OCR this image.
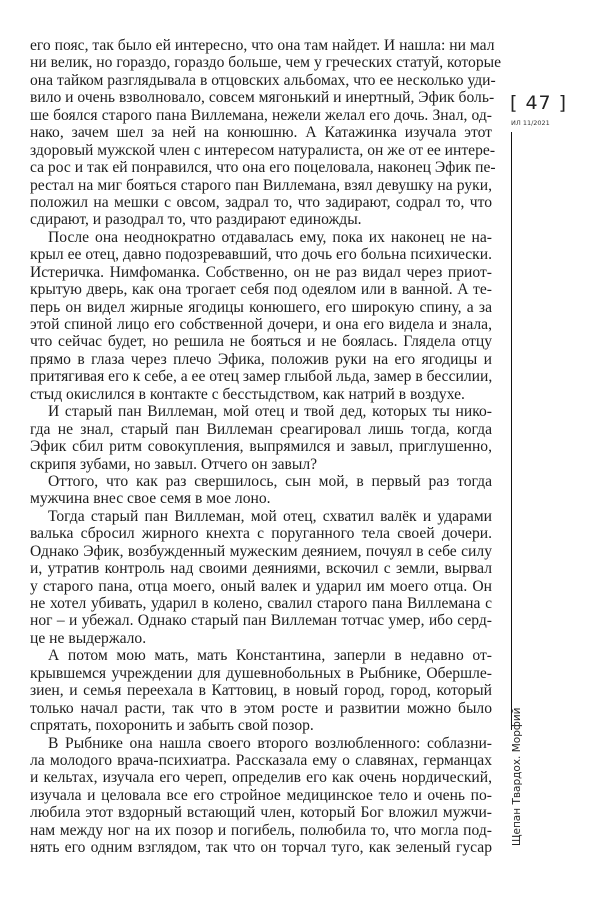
его пояс, так было ей интересно, что она там найдет. И нашла: ни мал
ни велик, но гораздо, гораздо больше, чем у греческих статуй, которые
она тайком разглядывала в отцовских альбомах, что ее несколько уди-
вило и очень взволновало, совсем мягонький и инертный, Эфик боль-
ше боялся старого пана Виллемана, нежели желал его дочь. Знал, од-
нако, зачем шел за ней на конюшню. А Катажинка изучала этот
здоровый мужской член с интересом натуралиста, он же от ее интере-
са рос и так ей понравился, что она его поцеловала, наконец Эфик пе-
рестал на миг бояться старого пан Виллемана, взял девушку на руки,
положил на мешки с овсом, задрал то, что задирают, содрал то, что
сдирают, и разодрал то, что раздирают единожды.
После она неоднократно отдавалась ему, пока их наконец не на-
крыл ее отец, давно подозревавший, что дочь его больна психически.
Истеричка. Нимфоманка. Собственно, он не раз видал через приот-
крытую дверь, как она трогает себя под одеялом или в ванной. А те-
перь он видел жирные ягодицы конюшего, его широкую спину, а за
этой спиной лицо его собственной дочери, и она его видела и знала,
что сейчас будет, но решила не бояться и не боялась. Глядела отцу
прямо в глаза через плечо Эфика, положив руки на его ягодицы и
притягивая его к себе, а ее отец замер глыбой льда, замер в бессилии,
стыд окислился в контакте с бесстыдством, как натрий в воздухе.
И старый пан Виллеман, мой отец и твой дед, которых ты нико-
гда не знал, старый пан Виллеман среагировал лишь тогда, когда
Эфик сбил ритм совокупления, выпрямился и завыл, приглушенно,
скрипя зубами, но завыл. Отчего он завыл?
Оттого, что как раз свершилось, сын мой, в первый раз тогда
мужчина внес свое семя в мое лоно.
Тогда старый пан Виллеман, мой отец, схватил валёк и ударами
валька сбросил жирного кнехта с поруганного тела своей дочери.
Однако Эфик, возбужденный мужеским деянием, почуял в себе силу
и, утратив контроль над своими деяниями, вскочил с земли, вырвал
у старого пана, отца моего, оный валек и ударил им моего отца. Он
не хотел убивать, ударил в колено, свалил старого пана Виллемана с
ног – и убежал. Однако старый пан Виллеман тотчас умер, ибо серд-
це не выдержало.
А потом мою мать, мать Константина, заперли в недавно от-
крывшемся учреждении для душевнобольных в Рыбнике, Обершле-
зиен, и семья переехала в Каттовиц, в новый город, город, который
только начал расти, так что в этом росте и развитии можно было
спрятать, похоронить и забыть свой позор.
В Рыбнике она нашла своего второго возлюбленного: соблазни-
ла молодого врача-психиатра. Рассказала ему о славянах, германцах
и кельтах, изучала его череп, определив его как очень нордический,
изучала и целовала все его стройное медицинское тело и очень по-
любила этот вздорный встающий член, который Бог вложил мужчи-
нам между ног на их позор и погибель, полюбила то, что могла под-
нять его одним взглядом, так что он торчал туго, как зеленый гусар
[ 47 ]
ИЛ 11/2021
Щепан Твардох. Морфий
